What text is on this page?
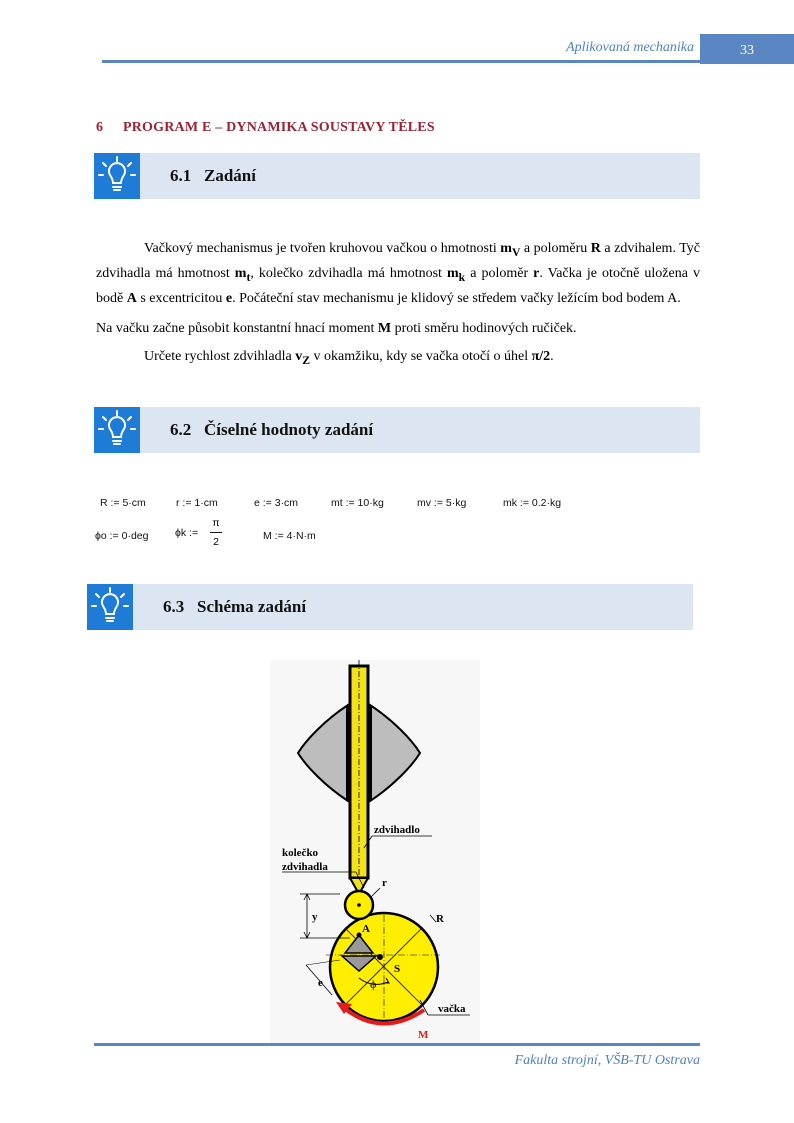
Aplikovaná mechanika	33
6 PROGRAM E – DYNAMIKA SOUSTAVY TĚLES
6.1 Zadání
Vačkový mechanismus je tvořen kruhovou vačkou o hmotnosti $m_V$ a poloměru R a zdvihalem. Tyč zdvihadla má hmotnost $m_t$, kolečko zdvihadla má hmotnost $m_k$ a poloměr r. Vačka je otočně uložena v bodě A s excentricitou e. Počáteční stav mechanismu je klidový se středem vačky ležícím bod bodem A.
Na vačku začne působit konstantní hnací moment M proti směru hodinových ručiček.
Určete rychlost zdvihladla $v_Z$ v okamžiku, kdy se vačka otočí o úhel π/2.
6.2 Číselné hodnoty zadání
R := 5·cm	r := 1·cm	e := 3·cm	mt := 10·kg	mv := 5·kg	mk := 0.2·kg
ϕo := 0·deg	ϕk :=
π
2	M := 4·N·m
6.3 Schéma zadání
zdvihadlo
kolečko
zdvihadla
r
R
y
A
S
e	ϕ
vačka
M
Fakulta strojní, VŠB-TU Ostrava
